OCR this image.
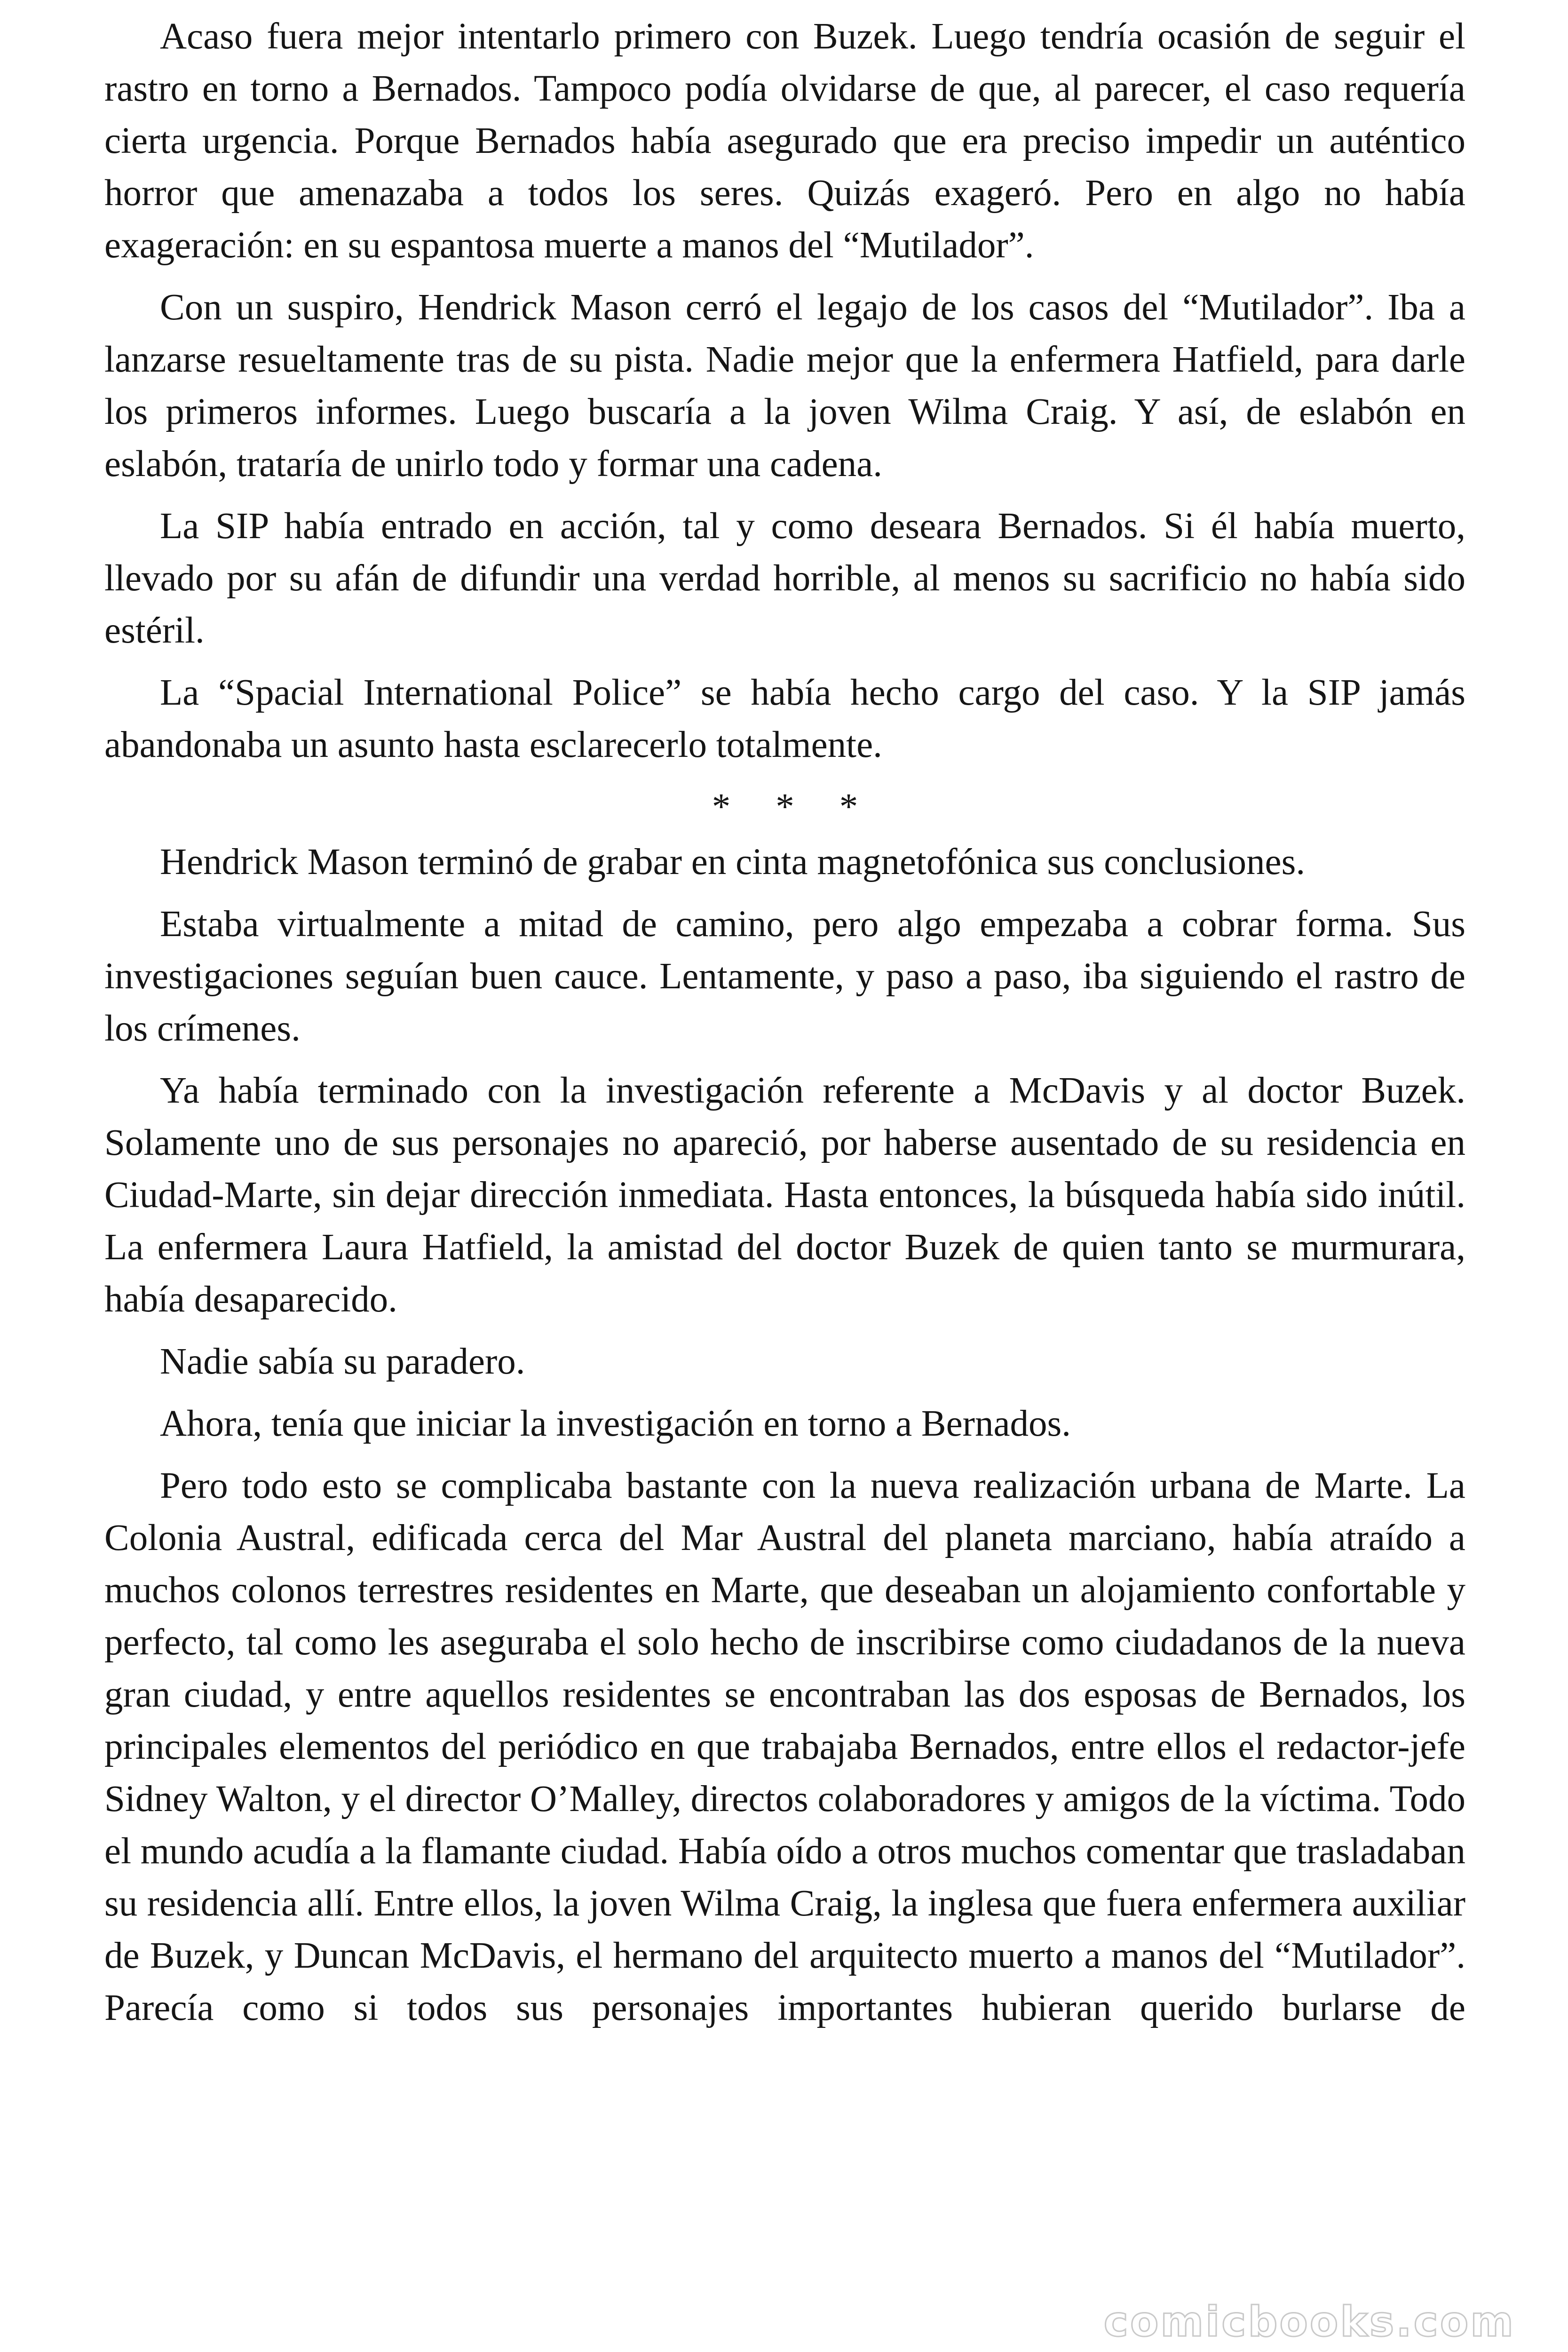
Acaso fuera mejor intentarlo primero con Buzek. Luego tendría ocasión de seguir el rastro en torno a Bernados. Tampoco podía olvidarse de que, al parecer, el caso requería cierta urgencia. Porque Bernados había asegurado que era preciso impedir un auténtico horror que amenazaba a todos los seres. Quizás exageró. Pero en algo no había exageración: en su espantosa muerte a manos del “Mutilador”.

Con un suspiro, Hendrick Mason cerró el legajo de los casos del “Mutilador”. Iba a lanzarse resueltamente tras de su pista. Nadie mejor que la enfermera Hatfield, para darle los primeros informes. Luego buscaría a la joven Wilma Craig. Y así, de eslabón en eslabón, trataría de unirlo todo y formar una cadena.

La SIP había entrado en acción, tal y como deseara Bernados. Si él había muerto, llevado por su afán de difundir una verdad horrible, al menos su sacrificio no había sido estéril.

La “Spacial International Police” se había hecho cargo del caso. Y la SIP jamás abandonaba un asunto hasta esclarecerlo totalmente.

* * *

Hendrick Mason terminó de grabar en cinta magnetofónica sus conclusiones.

Estaba virtualmente a mitad de camino, pero algo empezaba a cobrar forma. Sus investigaciones seguían buen cauce. Lentamente, y paso a paso, iba siguiendo el rastro de los crímenes.

Ya había terminado con la investigación referente a McDavis y al doctor Buzek. Solamente uno de sus personajes no apareció, por haberse ausentado de su residencia en Ciudad-Marte, sin dejar dirección inmediata. Hasta entonces, la búsqueda había sido inútil. La enfermera Laura Hatfield, la amistad del doctor Buzek de quien tanto se murmurara, había desaparecido.

Nadie sabía su paradero.

Ahora, tenía que iniciar la investigación en torno a Bernados.

Pero todo esto se complicaba bastante con la nueva realización urbana de Marte. La Colonia Austral, edificada cerca del Mar Austral del planeta marciano, había atraído a muchos colonos terrestres residentes en Marte, que deseaban un alojamiento confortable y perfecto, tal como les aseguraba el solo hecho de inscribirse como ciudadanos de la nueva gran ciudad, y entre aquellos residentes se encontraban las dos esposas de Bernados, los principales elementos del periódico en que trabajaba Bernados, entre ellos el redactor-jefe Sidney Walton, y el director O’Malley, directos colaboradores y amigos de la víctima. Todo el mundo acudía a la flamante ciudad. Había oído a otros muchos comentar que trasladaban su residencia allí. Entre ellos, la joven Wilma Craig, la inglesa que fuera enfermera auxiliar de Buzek, y Duncan McDavis, el hermano del arquitecto muerto a manos del “Mutilador”. Parecía como si todos sus personajes importantes hubieran querido burlarse de

comicbooks.com
